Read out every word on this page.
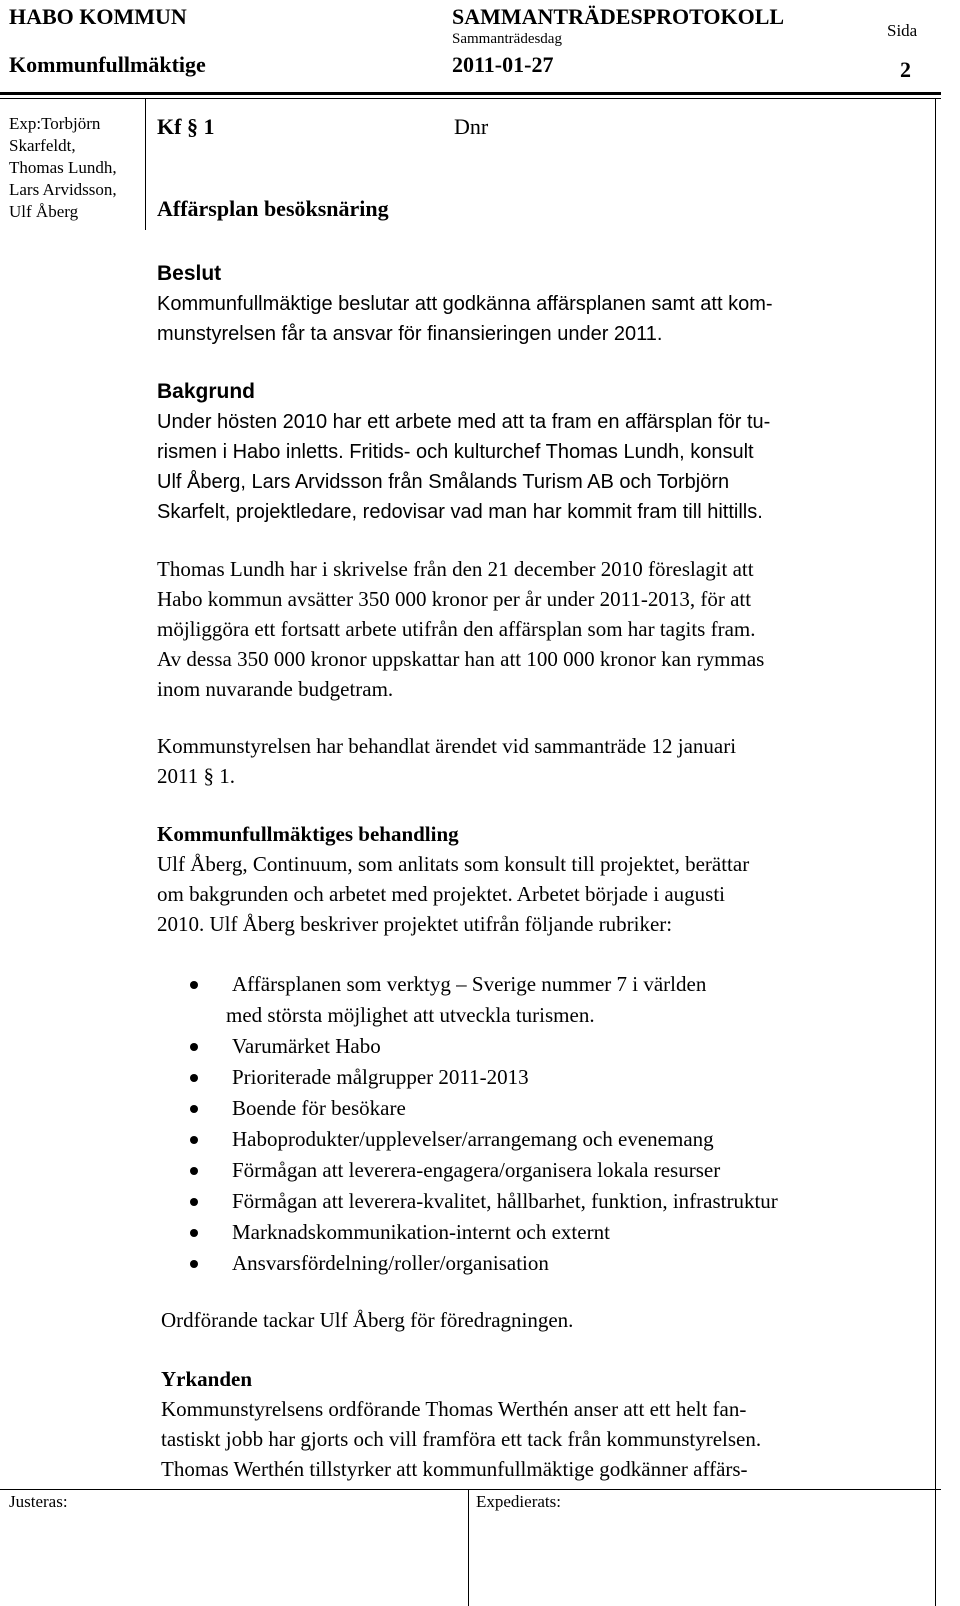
HABO KOMMUN
Kommunfullmäktige
SAMMANTRÄDESPROTOKOLL
Sammanträdesdag
2011-01-27
Sida
2
Exp:Torbjörn
Skarfeldt,
Thomas Lundh,
Lars Arvidsson,
Ulf Åberg
Kf § 1	Dnr
Affärsplan besöksnäring
Beslut
Kommunfullmäktige beslutar att godkänna affärsplanen samt att kom-
munstyrelsen får ta ansvar för finansieringen under 2011.
Bakgrund
Under hösten 2010 har ett arbete med att ta fram en affärsplan för tu-
rismen i Habo inletts. Fritids- och kulturchef Thomas Lundh, konsult
Ulf Åberg, Lars Arvidsson från Smålands Turism AB och Torbjörn
Skarfelt, projektledare, redovisar vad man har kommit fram till hittills.
Thomas Lundh har i skrivelse från den 21 december 2010 föreslagit att
Habo kommun avsätter 350 000 kronor per år under 2011-2013, för att
möjliggöra ett fortsatt arbete utifrån den affärsplan som har tagits fram.
Av dessa 350 000 kronor uppskattar han att 100 000 kronor kan rymmas
inom nuvarande budgetram.
Kommunstyrelsen har behandlat ärendet vid sammanträde 12 januari
2011 § 1.
Kommunfullmäktiges behandling
Ulf Åberg, Continuum, som anlitats som konsult till projektet, berättar
om bakgrunden och arbetet med projektet. Arbetet började i augusti
2010. Ulf Åberg beskriver projektet utifrån följande rubriker:
Affärsplanen som verktyg – Sverige nummer 7 i världen
med största möjlighet att utveckla turismen.
Varumärket Habo
Prioriterade målgrupper 2011-2013
Boende för besökare
Haboprodukter/upplevelser/arrangemang och evenemang
Förmågan att leverera-engagera/organisera lokala resurser
Förmågan att leverera-kvalitet, hållbarhet, funktion, infrastruktur
Marknadskommunikation-internt och externt
Ansvarsfördelning/roller/organisation
Ordförande tackar Ulf Åberg för föredragningen.
Yrkanden
Kommunstyrelsens ordförande Thomas Werthén anser att ett helt fan-
tastiskt jobb har gjorts och vill framföra ett tack från kommunstyrelsen.
Thomas Werthén tillstyrker att kommunfullmäktige godkänner affärs-
Justeras:	Expedierats:
